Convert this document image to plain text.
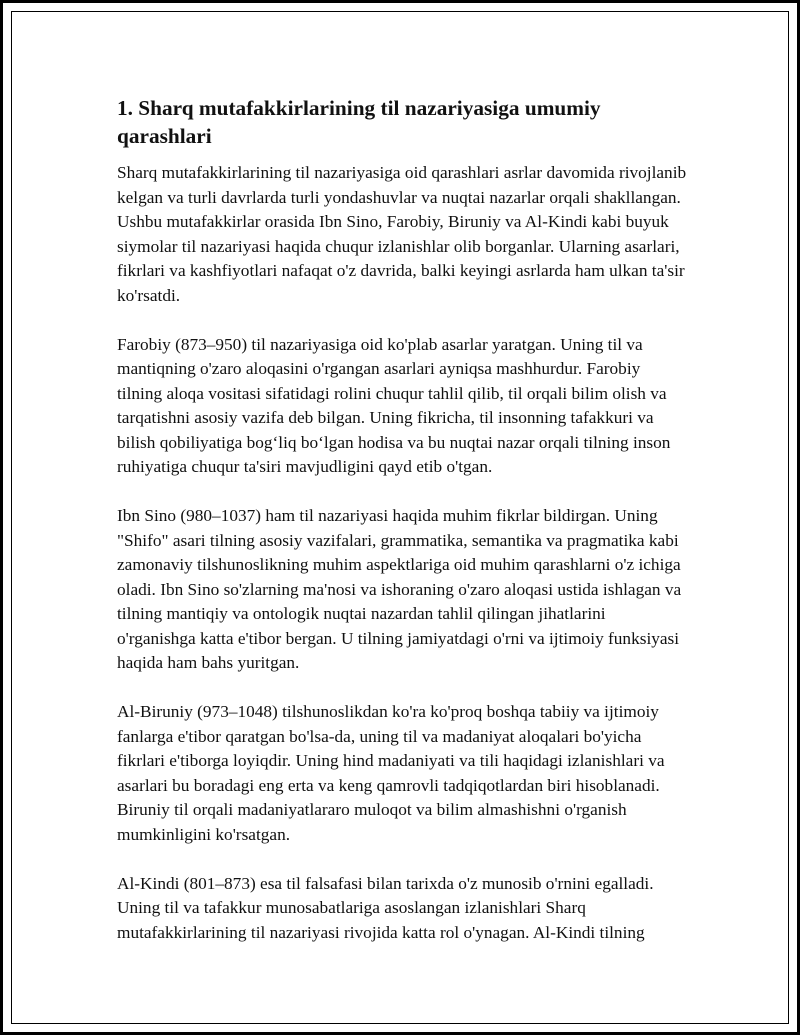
1. Sharq mutafakkirlarining til nazariyasiga umumiy qarashlari

Sharq mutafakkirlarining til nazariyasiga oid qarashlari asrlar davomida rivojlanib kelgan va turli davrlarda turli yondashuvlar va nuqtai nazarlar orqali shakllangan. Ushbu mutafakkirlar orasida Ibn Sino, Farobiy, Biruniy va Al-Kindi kabi buyuk siymolar til nazariyasi haqida chuqur izlanishlar olib borganlar. Ularning asarlari, fikrlari va kashfiyotlari nafaqat o'z davrida, balki keyingi asrlarda ham ulkan ta'sir ko'rsatdi.

Farobiy (873–950) til nazariyasiga oid ko'plab asarlar yaratgan. Uning til va mantiqning o'zaro aloqasini o'rgangan asarlari ayniqsa mashhurdur. Farobiy tilning aloqa vositasi sifatidagi rolini chuqur tahlil qilib, til orqali bilim olish va tarqatishni asosiy vazifa deb bilgan. Uning fikricha, til insonning tafakkuri va bilish qobiliyatiga bog‘liq bo‘lgan hodisa va bu nuqtai nazar orqali tilning inson ruhiyatiga chuqur ta'siri mavjudligini qayd etib o'tgan.

Ibn Sino (980–1037) ham til nazariyasi haqida muhim fikrlar bildirgan. Uning "Shifo" asari tilning asosiy vazifalari, grammatika, semantika va pragmatika kabi zamonaviy tilshunoslikning muhim aspektlariga oid muhim qarashlarni o'z ichiga oladi. Ibn Sino so'zlarning ma'nosi va ishoraning o'zaro aloqasi ustida ishlagan va tilning mantiqiy va ontologik nuqtai nazardan tahlil qilingan jihatlarini o'rganishga katta e'tibor bergan. U tilning jamiyatdagi o'rni va ijtimoiy funksiyasi haqida ham bahs yuritgan.

Al-Biruniy (973–1048) tilshunoslikdan ko'ra ko'proq boshqa tabiiy va ijtimoiy fanlarga e'tibor qaratgan bo'lsa-da, uning til va madaniyat aloqalari bo'yicha fikrlari e'tiborga loyiqdir. Uning hind madaniyati va tili haqidagi izlanishlari va asarlari bu boradagi eng erta va keng qamrovli tadqiqotlardan biri hisoblanadi. Biruniy til orqali madaniyatlararo muloqot va bilim almashishni o'rganish mumkinligini ko'rsatgan.

Al-Kindi (801–873) esa til falsafasi bilan tarixda o'z munosib o'rnini egalladi. Uning til va tafakkur munosabatlariga asoslangan izlanishlari Sharq mutafakkirlarining til nazariyasi rivojida katta rol o'ynagan. Al-Kindi tilning
